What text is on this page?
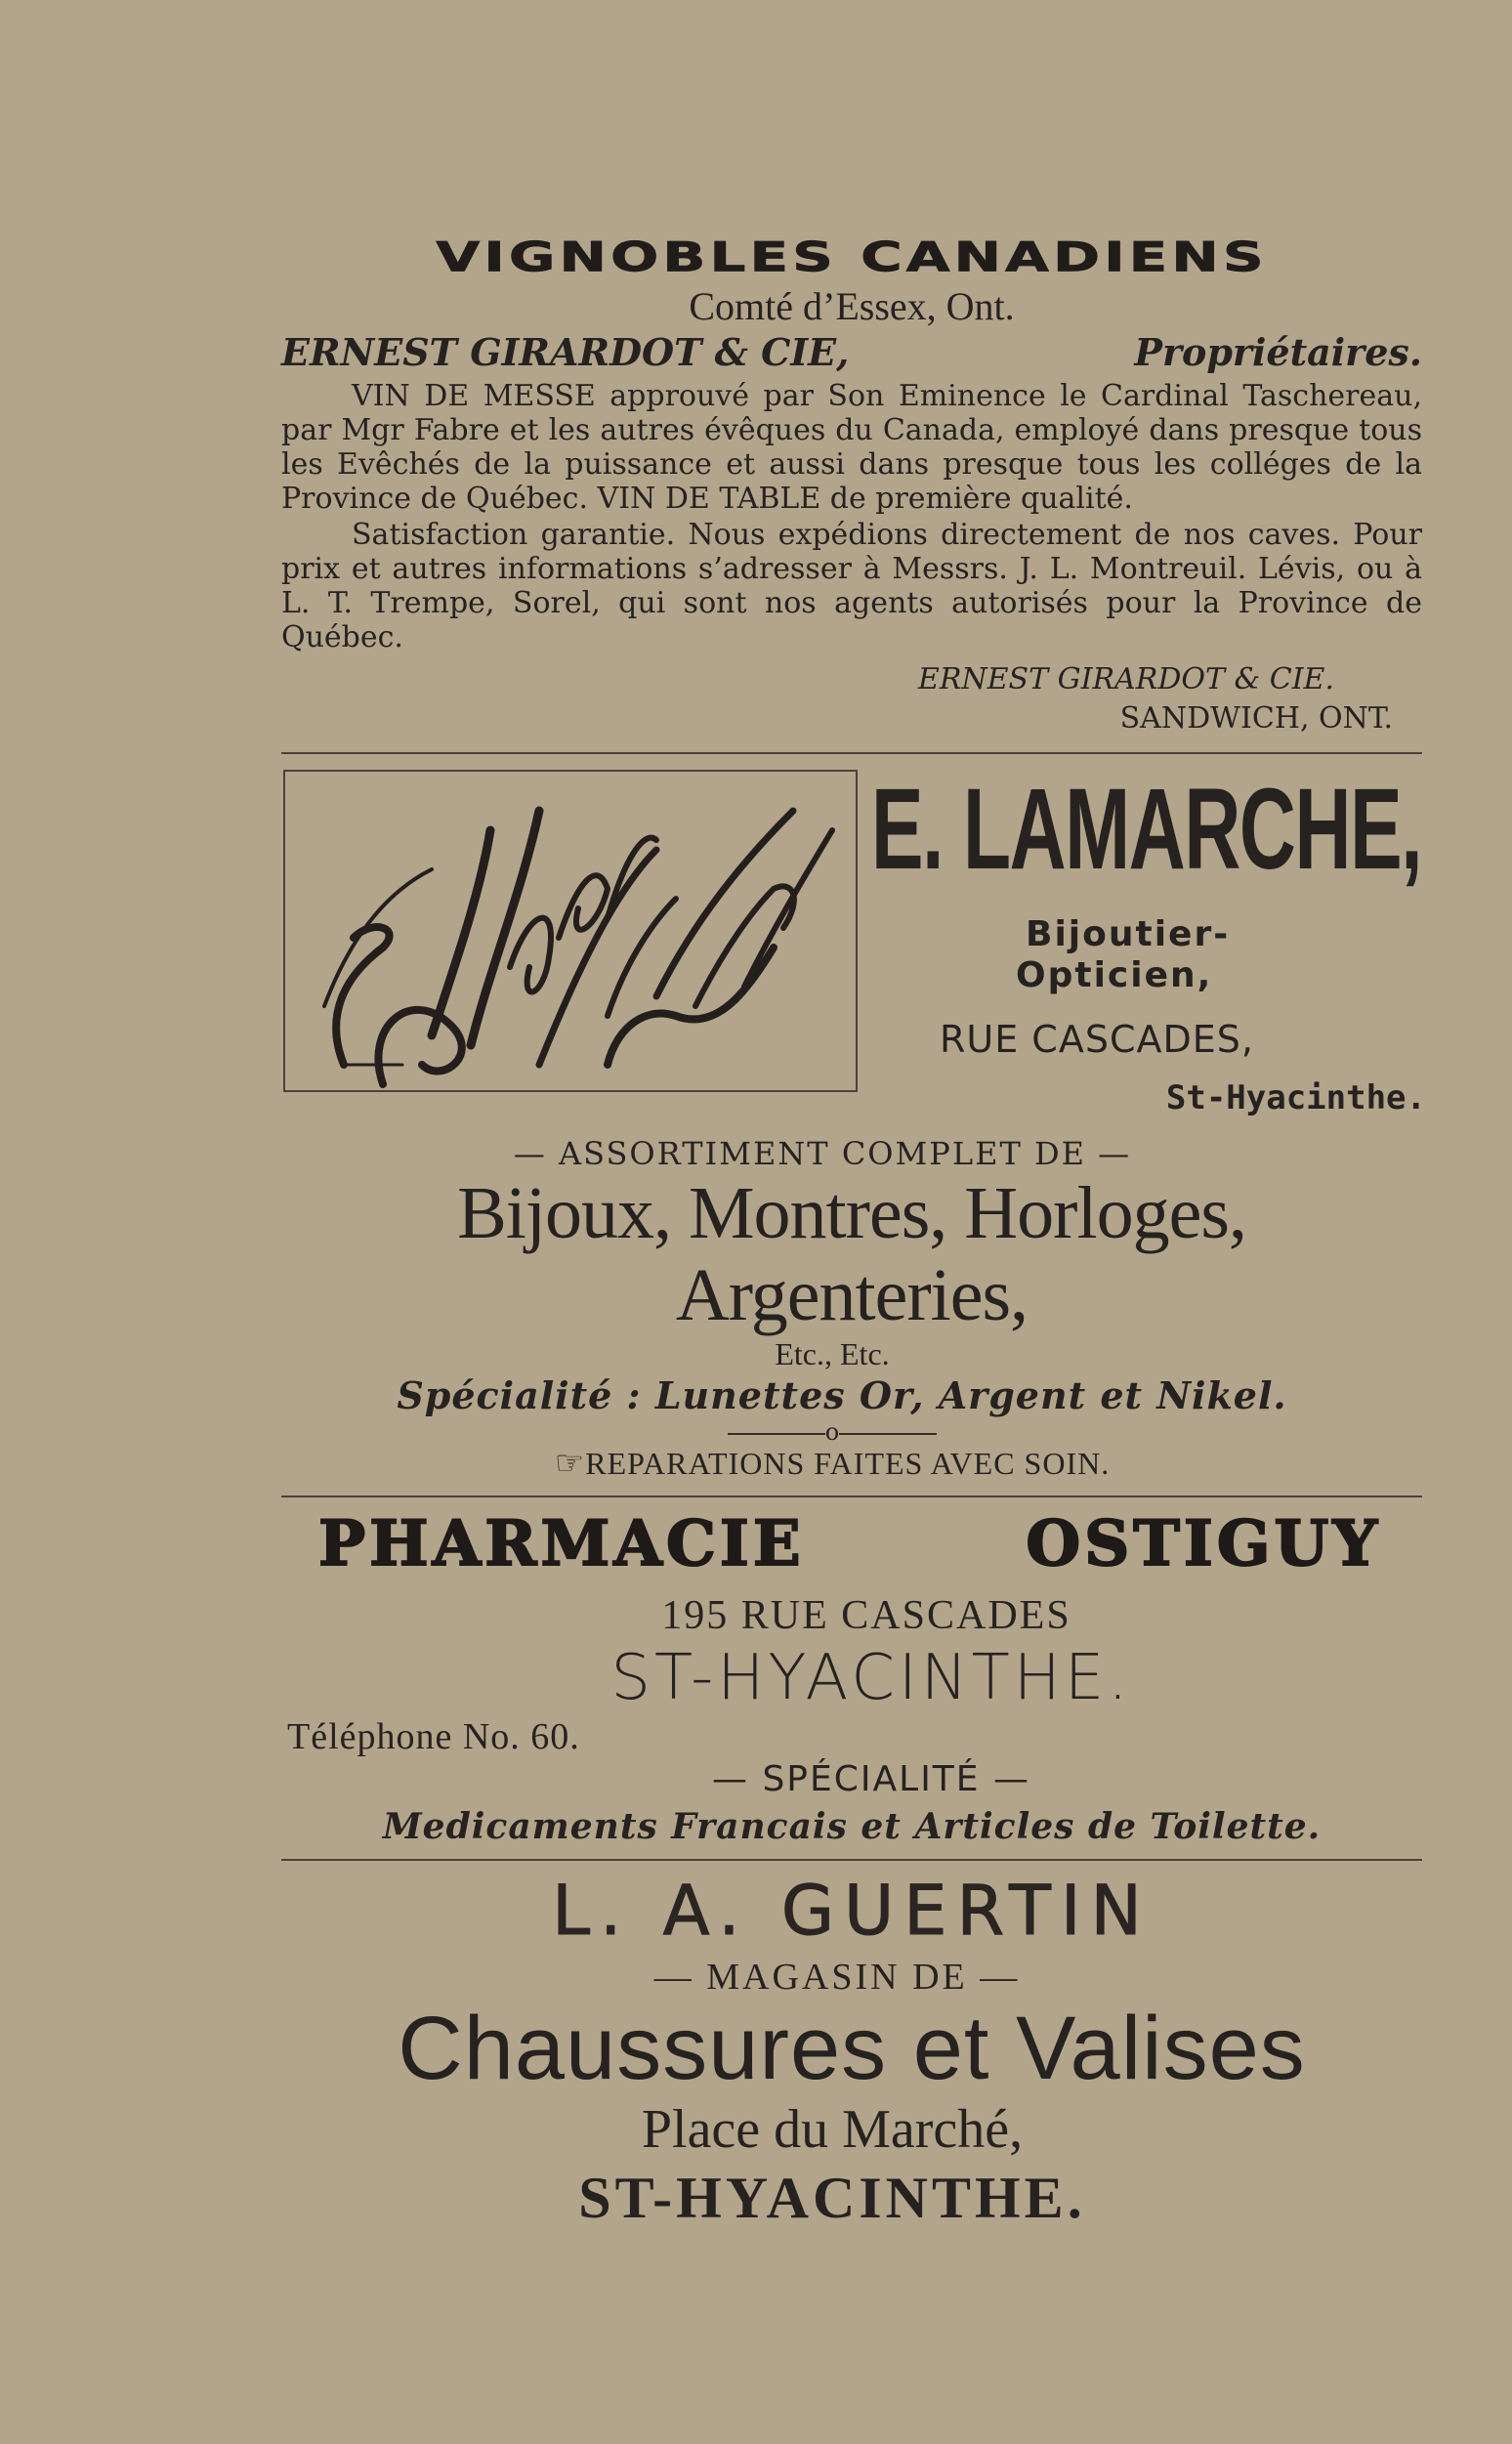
VIGNOBLES CANADIENS
Comté d’Essex, Ont.
ERNEST GIRARDOT & CIE,	Propriétaires.

VIN DE MESSE approuvé par Son Eminence le Cardinal Taschereau, par Mgr Fabre et les autres évêques du Canada, employé dans presque tous les Evêchés de la puissance et aussi dans presque tous les colléges de la Province de Québec. VIN DE TABLE de première qualité.

Satisfaction garantie. Nous expédions directement de nos caves. Pour prix et autres informations s’adresser à Messrs. J. L. Montreuil. Lévis, ou à L. T. Trempe, Sorel, qui sont nos agents autorisés pour la Province de Québec.

ERNEST GIRARDOT & CIE.
SANDWICH, ONT.
E. LAMARCHE,
Bijoutier-
Opticien,
RUE CASCADES,
St-Hyacinthe.
— ASSORTIMENT COMPLET DE —
Bijoux, Montres, Horloges, Argenteries,
Etc., Etc.
Spécialité : Lunettes Or, Argent et Nikel.
o
☞REPARATIONS FAITES AVEC SOIN.
PHARMACIE	OSTIGUY
195 RUE CASCADES
ST-HYACINTHE.
Téléphone No. 60.
— SPÉCIALITÉ —
Medicaments Francais et Articles de Toilette.
L. A. GUERTIN
— MAGASIN DE —
Chaussures et Valises
Place du Marché,
ST-HYACINTHE.
